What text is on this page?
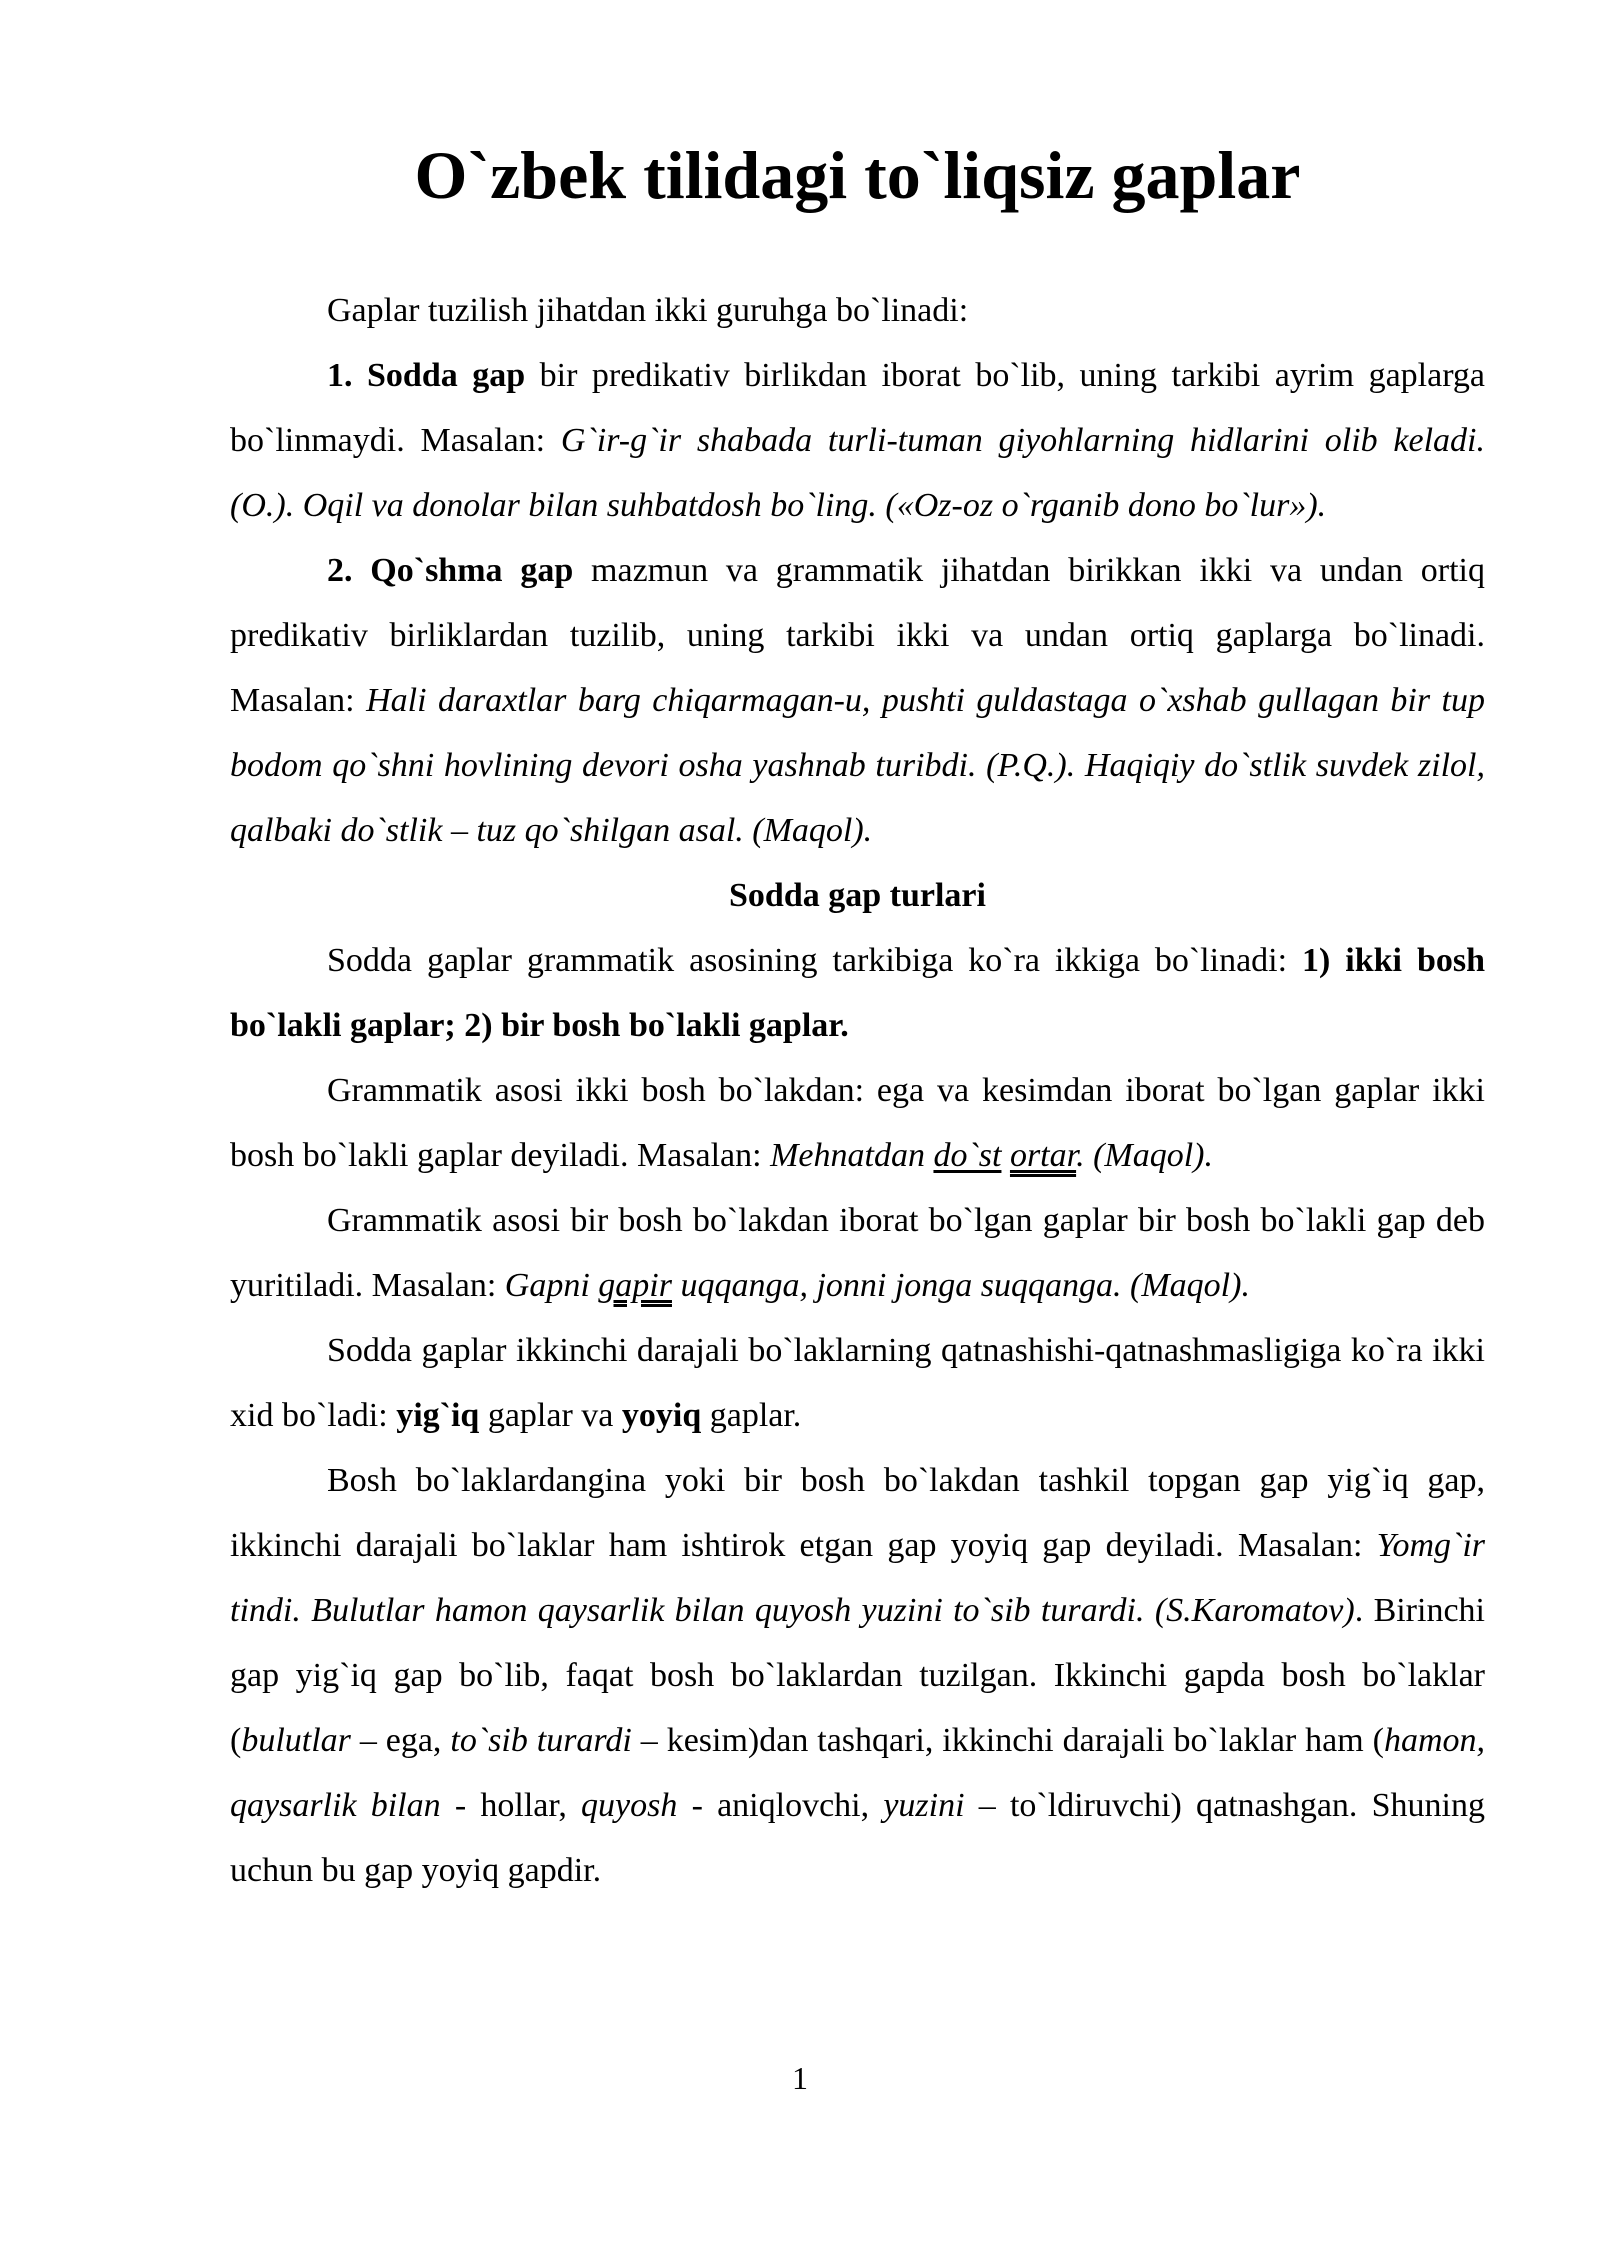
O`zbek tilidagi to`liqsiz gaplar

Gaplar tuzilish jihatdan ikki guruhga bo`linadi:

1. Sodda gap bir predikativ birlikdan iborat bo`lib, uning tarkibi ayrim gaplarga bo`linmaydi. Masalan: G`ir-g`ir shabada turli-tuman giyohlarning hidlarini olib keladi. (O.). Oqil va donolar bilan suhbatdosh bo`ling. («Oz-oz o`rganib dono bo`lur»).

2. Qo`shma gap mazmun va grammatik jihatdan birikkan ikki va undan ortiq predikativ birliklardan tuzilib, uning tarkibi ikki va undan ortiq gaplarga bo`linadi. Masalan: Hali daraxtlar barg chiqarmagan-u, pushti guldastaga o`xshab gullagan bir tup bodom qo`shni hovlining devori osha yashnab turibdi. (P.Q.). Haqiqiy do`stlik suvdek zilol, qalbaki do`stlik – tuz qo`shilgan asal. (Maqol).

Sodda gap turlari

Sodda gaplar grammatik asosining tarkibiga ko`ra ikkiga bo`linadi: 1) ikki bosh bo`lakli gaplar; 2) bir bosh bo`lakli gaplar.

Grammatik asosi ikki bosh bo`lakdan: ega va kesimdan iborat bo`lgan gaplar ikki bosh bo`lakli gaplar deyiladi. Masalan: Mehnatdan do`st ortar. (Maqol).

Grammatik asosi bir bosh bo`lakdan iborat bo`lgan gaplar bir bosh bo`lakli gap deb yuritiladi. Masalan: Gapni gapir uqqanga, jonni jonga suqqanga. (Maqol).

Sodda gaplar ikkinchi darajali bo`laklarning qatnashishi-qatnashmasligiga ko`ra ikki xid bo`ladi: yig`iq gaplar va yoyiq gaplar.

Bosh bo`laklardangina yoki bir bosh bo`lakdan tashkil topgan gap yig`iq gap, ikkinchi darajali bo`laklar ham ishtirok etgan gap yoyiq gap deyiladi. Masalan: Yomg`ir tindi. Bulutlar hamon qaysarlik bilan quyosh yuzini to`sib turardi. (S.Karomatov). Birinchi gap yig`iq gap bo`lib, faqat bosh bo`laklardan tuzilgan. Ikkinchi gapda bosh bo`laklar (bulutlar – ega, to`sib turardi – kesim)dan tashqari, ikkinchi darajali bo`laklar ham (hamon, qaysarlik bilan - hollar, quyosh - aniqlovchi, yuzini – to`ldiruvchi) qatnashgan. Shuning uchun bu gap yoyiq gapdir.

1
